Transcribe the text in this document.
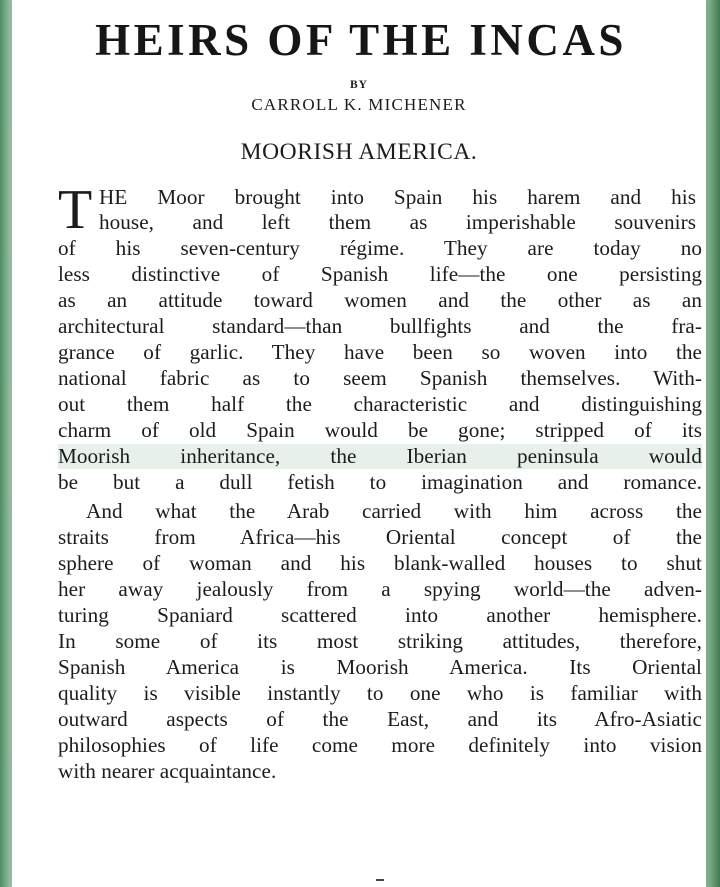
HEIRS OF THE INCAS
BY
CARROLL K. MICHENER
MOORISH AMERICA.
T HE Moor brought into Spain his harem and his
house, and left them as imperishable souvenirs
of his seven-century régime. They are today no
less distinctive of Spanish life—the one persisting
as an attitude toward women and the other as an
architectural standard—than bullfights and the fra-
grance of garlic. They have been so woven into the
national fabric as to seem Spanish themselves. With-
out them half the characteristic and distinguishing
charm of old Spain would be gone; stripped of its
Moorish inheritance, the Iberian peninsula would
be but a dull fetish to imagination and romance.
And what the Arab carried with him across the
straits from Africa—his Oriental concept of the
sphere of woman and his blank-walled houses to shut
her away jealously from a spying world—the adven-
turing Spaniard scattered into another hemisphere.
In some of its most striking attitudes, therefore,
Spanish America is Moorish America. Its Oriental
quality is visible instantly to one who is familiar with
outward aspects of the East, and its Afro-Asiatic
philosophies of life come more definitely into vision
with nearer acquaintance.
